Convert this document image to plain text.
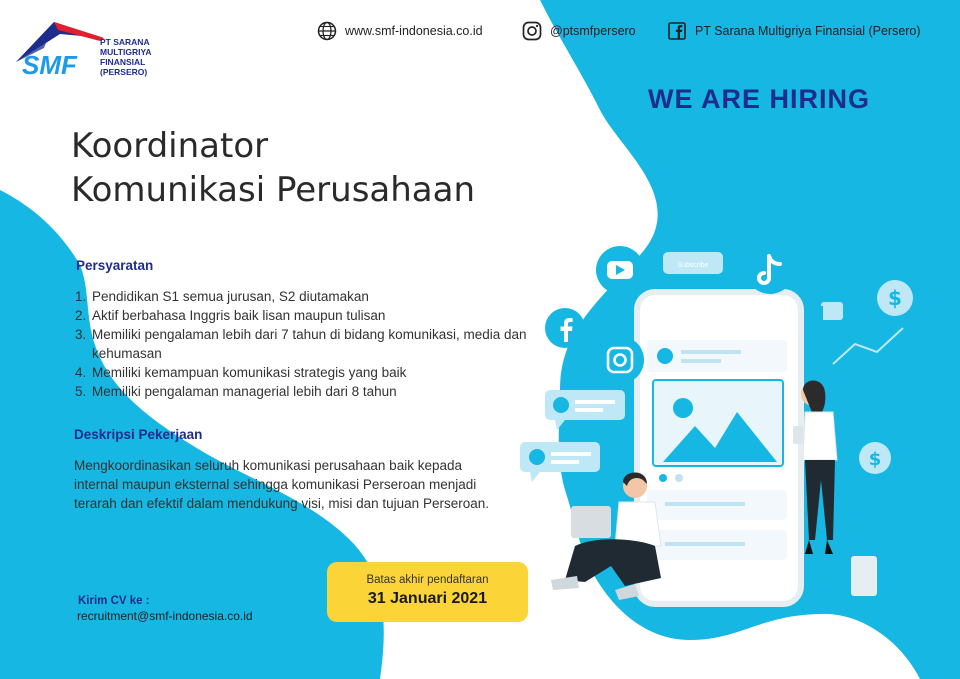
SMF
PT SARANA
MULTIGRIYA
FINANSIAL
(PERSERO)
www.smf-indonesia.co.id	@ptsmfpersero	PT Sarana Multigriya Finansial (Persero)
WE ARE HIRING
Koordinator
Komunikasi Perusahaan
Persyaratan
1. Pendidikan S1 semua jurusan, S2 diutamakan
2. Aktif berbahasa Inggris baik lisan maupun tulisan
3. Memiliki pengalaman lebih dari 7 tahun di bidang komunikasi, media dan kehumasan
4. Memiliki kemampuan komunikasi strategis yang baik
5. Memiliki pengalaman managerial lebih dari 8 tahun
Deskripsi Pekerjaan

Mengkoordinasikan seluruh komunikasi perusahaan baik kepada internal maupun eksternal sehingga komunikasi Perseroan menjadi terarah dan efektif dalam mendukung visi, misi dan tujuan Perseroan.

Kirim CV ke :
recruitment@smf-indonesia.co.id
Batas akhir pendaftaran
31 Januari 2021
Subscribe
$
$
